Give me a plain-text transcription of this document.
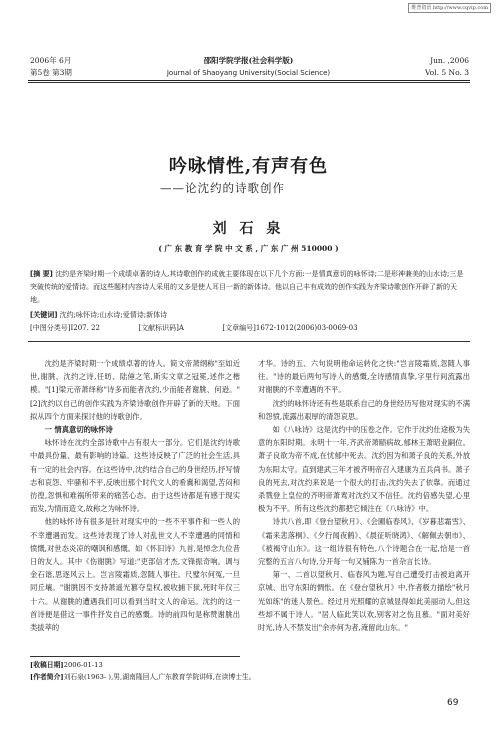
维普资讯 http://www.cqvip.com
2006年 6月	邵阳学院学报(社会科学版)	Jun. ,2006
第5卷 第3期	Journal of Shaoyang University(Social Science)	Vol. 5 No. 3
吟咏情性,有声有色
——论沈约的诗歌创作
刘 石 泉
( 广 东 教 育 学 院 中 文 系 , 广 东 广 州 510000 )
[摘 要] 沈约是齐梁时期一个成绩卓著的诗人,其诗歌创作的成就主要体现在以下几个方面:一是情真意切的咏怀诗;二是形神兼美的山水诗;三是突破传统的爱情诗。而这些题材内容诗人采用的又多是使人耳目一新的新体诗。他以自己丰有成效的创作实践为齐梁诗歌创作开辟了新的天地。
[关键词] 沈约;咏怀诗;山水诗;爱情诗;新体诗
[中图分类号]I207. 22	[文献标识码]A	[文章编号]1672-1012(2006)03-0069-03

沈约是齐梁时期一个成绩卓著的诗人。简文帝萧纲称"至如近世,谢朓、沈约之诗,任昉、陆倕之笔,斯实文章之冠冕,述作之楷模。"[1]梁元帝萧绎称"诗多而能者沈约,少而能者谢朓、何逊。"[2]沈约以自己的创作实践为齐梁诗歌创作开辟了新的天地。下面拟从四个方面来探讨他的诗歌创作。

一 情真意切的咏怀诗

咏怀诗在沈约全部诗歌中占有很大一部分。它们是沈约诗歌中最具份量、最有影响的诗篇。这些诗反映了广泛的社会生活,具有一定的社会内容。在这些诗中,沈约结合自己的身世经历,抒写情志和哀怨、牢骚和不平,反映出那个时代文人的希冀和渴望,苦闷和彷徨,忽惧和难祸所带来的痛苦心态。由于这些诗都是有感于现实而发,为情而造文,故称之为咏怀诗。

他的咏怀诗有很多是针对现实中的一些不平事件和一些人的不幸遭遇而发。这些诗表现了诗人对乱世文人不幸遭遇的同情和愤慨,对世态炎凉的嘲讽和感慨。如《怀旧诗》九首,是悼念九位昔日的友人。其中《伤谢朓》写道:"吏部信才杰,文锋振奇响。调与金石谐,思逐风云上。岂言陵霜质,忽随人事往。尺璧尔何冤,一旦同丘壤。"谢朓因不支持萧遥光篡夺皇权,被收捕下狱,死时年仅三十六。从谢朓的遭遇我们可以看到当时文人的命运。沈约的这一首诗便是借这一事件抒发自己的感慨。诗的前四句是称赞谢朓出类拔萃的

才华。诗的五、六句说明他命运转化之快:"岂言陵霜质,忽随人事往。"诗的最后两句写诗人的感慨,全诗感情真挚,字里行间流露出对谢朓的不幸遭遇的不平。

沈约的咏怀诗还有些是联系自己的身世经历写他对现实的不满和怨愤,流露出艰厚的清怨哀思。

如《八咏诗》这是沈约中的压卷之作。它作于沈约仕途极为失意的东阳时期。永明十一年,齐武帝萧赜病故,郁林王萧昭业嗣位。萧子良欲为帝不成,在忧郁中死去。沈约因为和萧子良的关系,外放为东阳太守。直到建武三年才被齐明帝召入建康为五兵尚书。萧子良的死去,对沈约来说是一个很大的打击,沈约失去了依靠。而通过杀戮登上皇位的齐明帝萧鸾对沈约又不信任。沈约倍感失望,心里极为不平。所有这些沈约都把它倾注在《八咏诗》中。

诗共八首,即《登台望秋月》、《会圃临春风》、《岁暮悲霜雪》、《霜来悲落桐》、《夕行闻夜鹤》、《晨征听晓鸿》、《解佩去朝市》、《被褐守山东》。这一组诗很有特色,八个诗题合在一起,恰是一首完整的五言八句诗,分开每一句又铺陈为一首杂言长诗。

第一、二首以望秋月、临春风为题,写自己遭受打击被迫离开京城、出守东阳的惆怅。在《登台望秋月》中,作者极力描绘"秋月光如练"的迷人景色。经过月光照耀的京城显得如此美丽动人,但这些却不属于诗人。"居人临此笑以欢,别客对之伤且慕。"面对美好时光,诗人不禁发出"余亦何为者,淹留此山东。"

[收稿日期]2006-01-13
[作者简介]刘石泉(1963- ),男,湖南隆回人,广东教育学院讲师,在读博士生。
69
